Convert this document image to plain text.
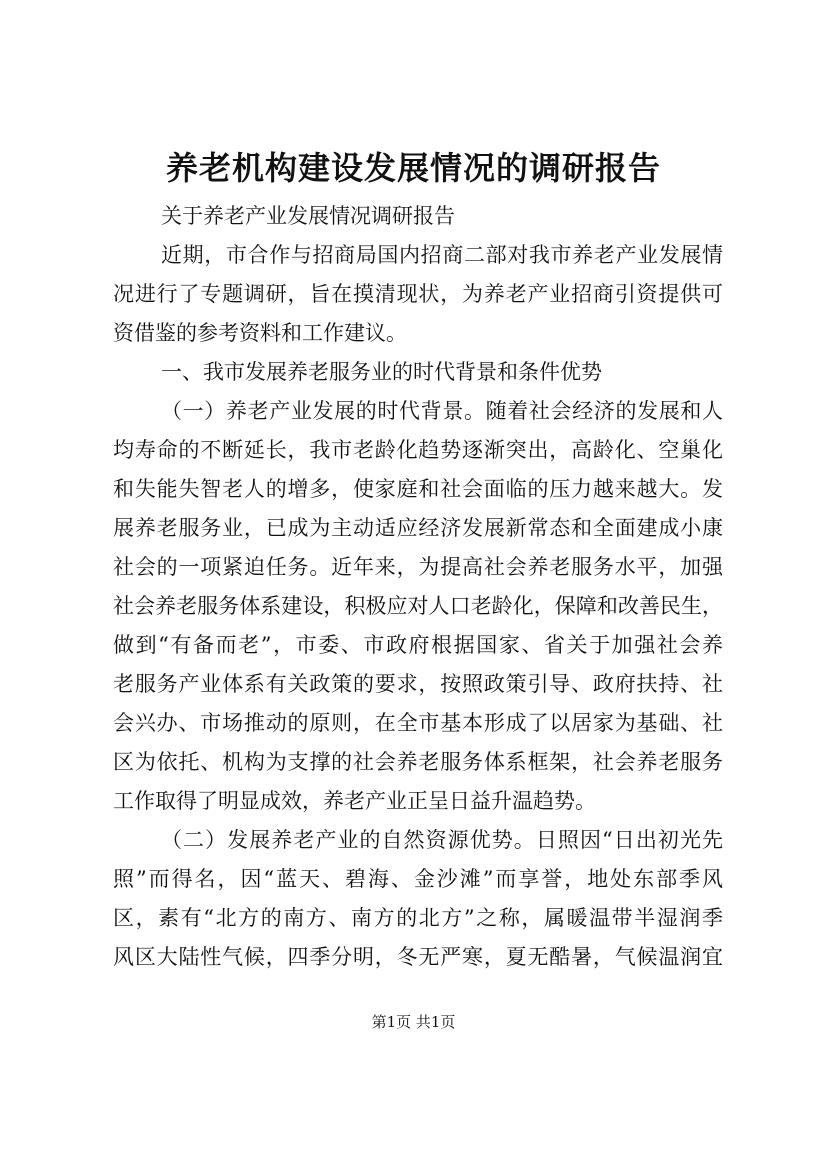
养老机构建设发展情况的调研报告
关于养老产业发展情况调研报告
近期，市合作与招商局国内招商二部对我市养老产业发展情
况进行了专题调研，旨在摸清现状，为养老产业招商引资提供可
资借鉴的参考资料和工作建议。
一、我市发展养老服务业的时代背景和条件优势
（一）养老产业发展的时代背景。随着社会经济的发展和人
均寿命的不断延长，我市老龄化趋势逐渐突出，高龄化、空巢化
和失能失智老人的增多，使家庭和社会面临的压力越来越大。发
展养老服务业，已成为主动适应经济发展新常态和全面建成小康
社会的一项紧迫任务。近年来，为提高社会养老服务水平，加强
社会养老服务体系建设，积极应对人口老龄化，保障和改善民生，
做到“有备而老”，市委、市政府根据国家、省关于加强社会养
老服务产业体系有关政策的要求，按照政策引导、政府扶持、社
会兴办、市场推动的原则，在全市基本形成了以居家为基础、社
区为依托、机构为支撑的社会养老服务体系框架，社会养老服务
工作取得了明显成效，养老产业正呈日益升温趋势。
（二）发展养老产业的自然资源优势。日照因“日出初光先
照”而得名，因“蓝天、碧海、金沙滩”而享誉，地处东部季风
区，素有“北方的南方、南方的北方”之称，属暖温带半湿润季
风区大陆性气候，四季分明，冬无严寒，夏无酷暑，气候温润宜
第1页 共1页
